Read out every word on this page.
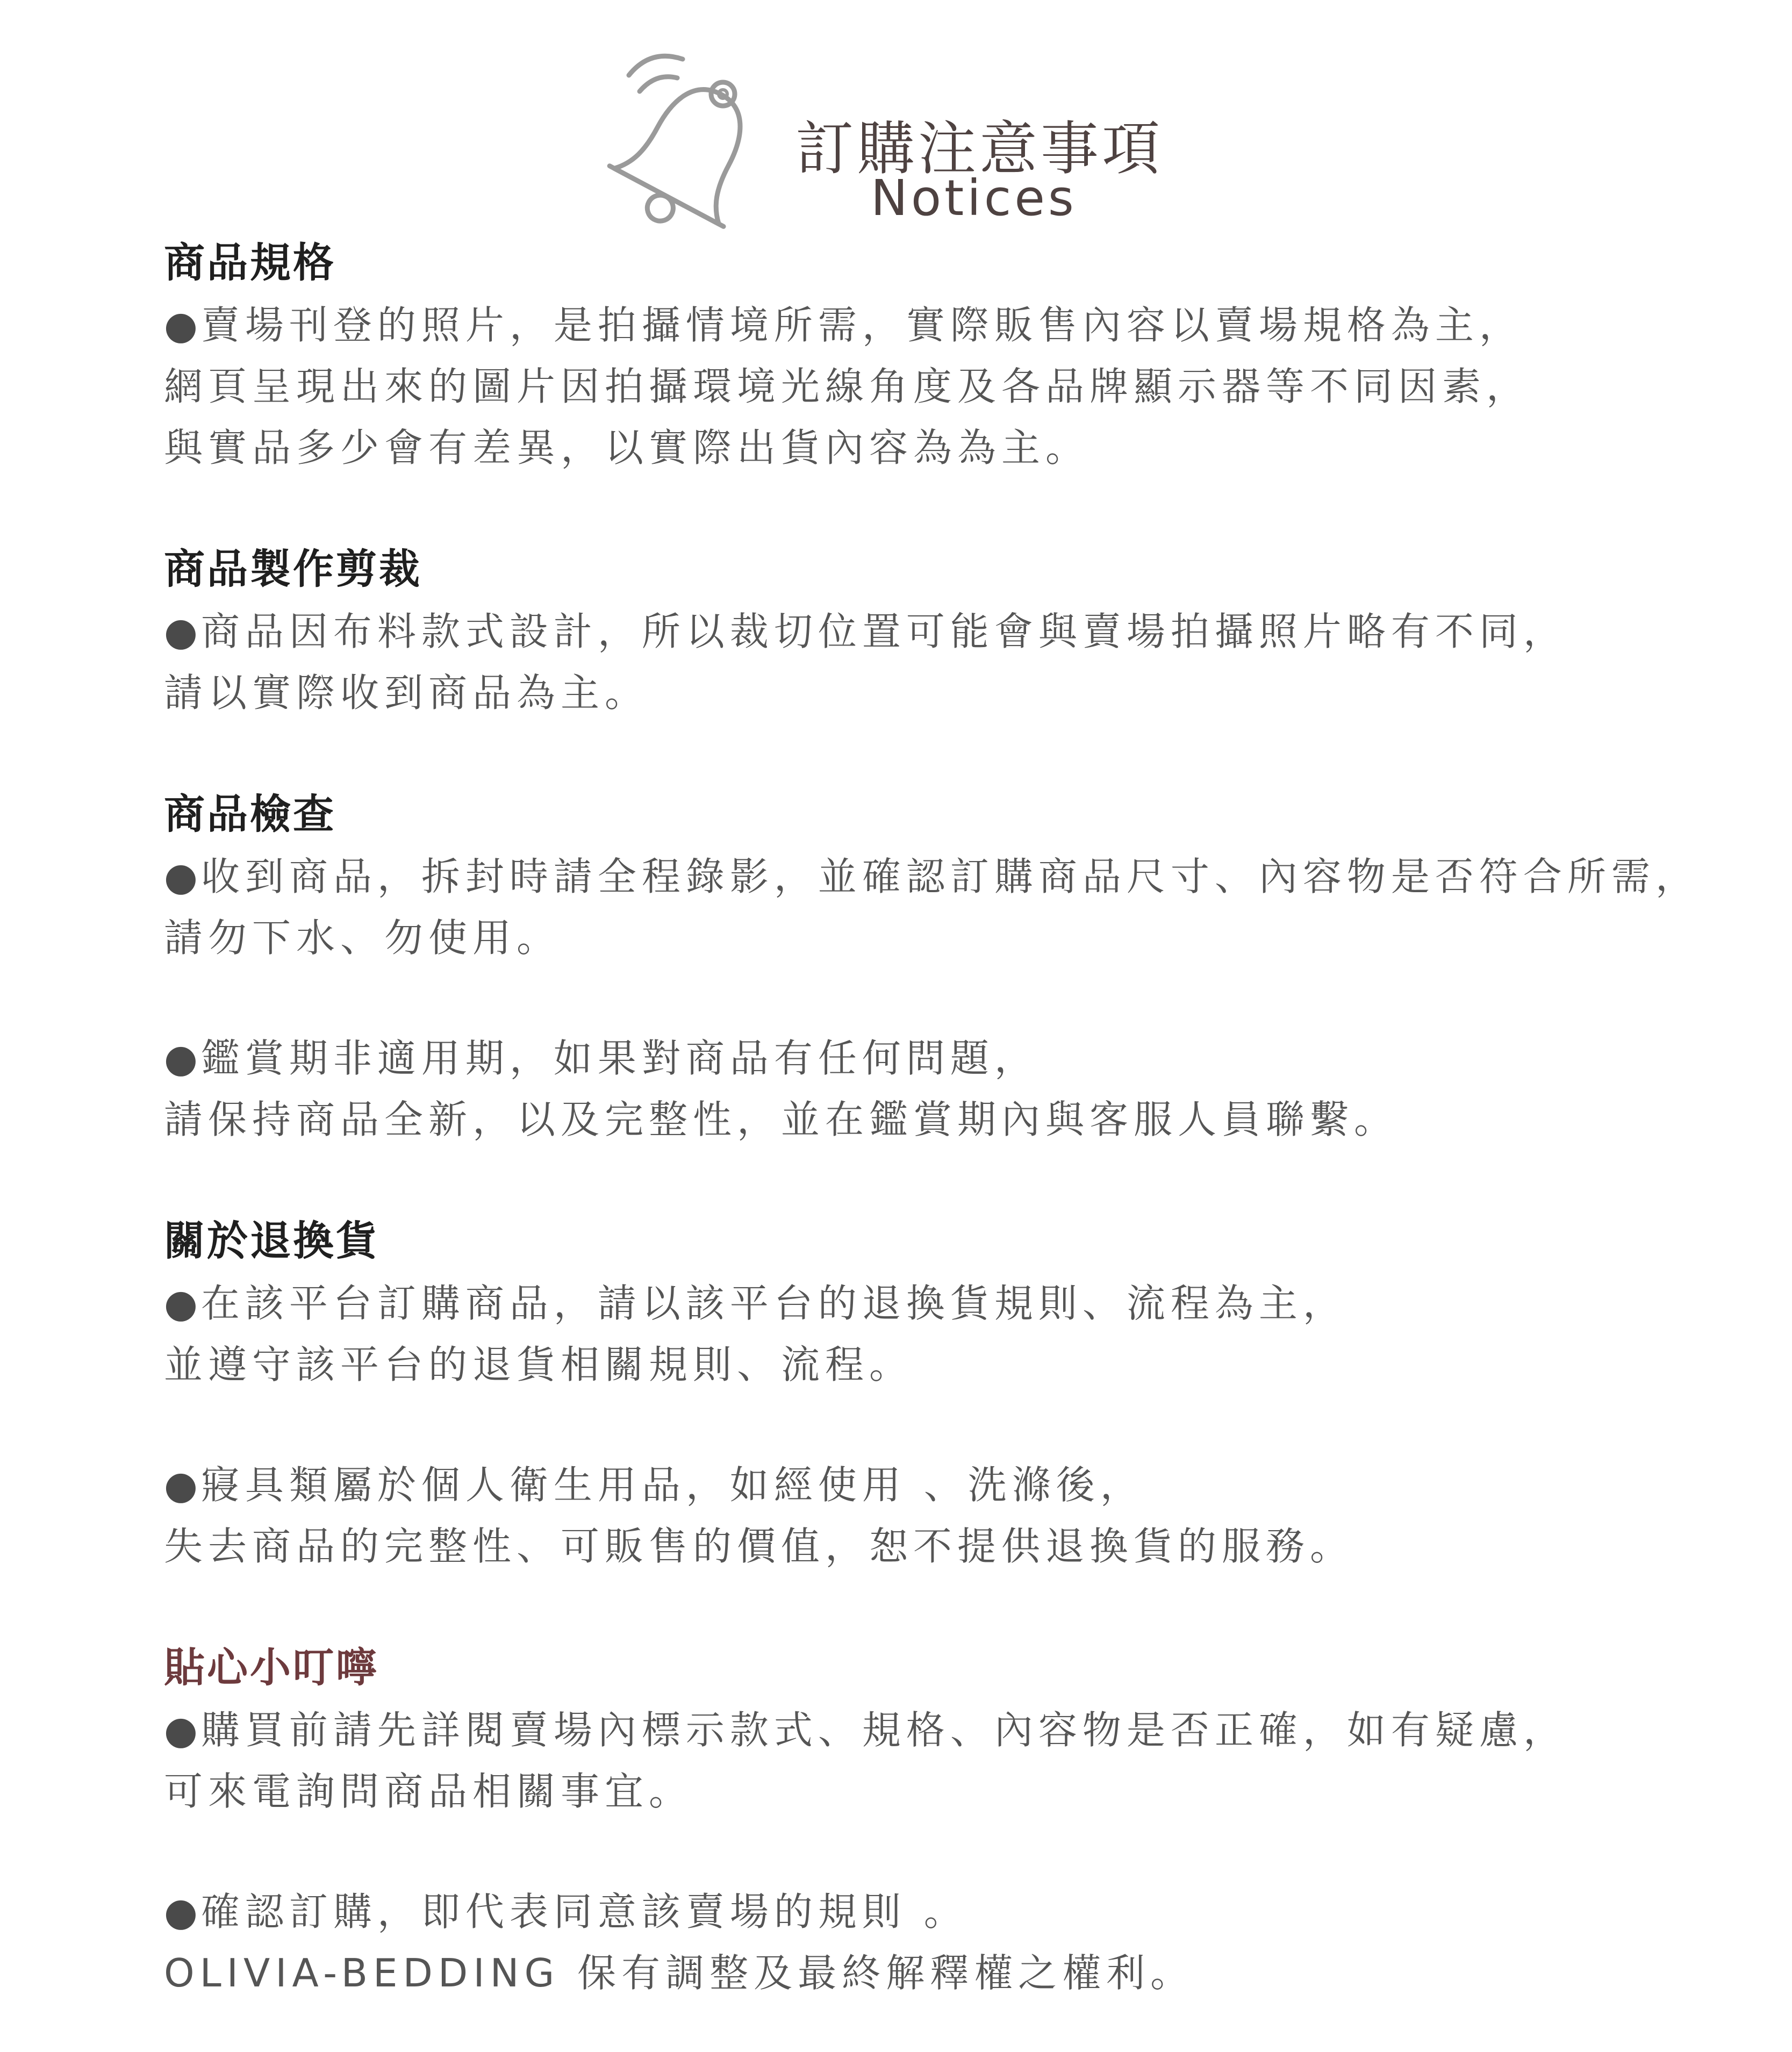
訂購注意事項
Notices
商品規格
●賣場刊登的照片，是拍攝情境所需，實際販售內容以賣場規格為主，
網頁呈現出來的圖片因拍攝環境光線角度及各品牌顯示器等不同因素，
與實品多少會有差異，以實際出貨內容為為主。
商品製作剪裁
●商品因布料款式設計，所以裁切位置可能會與賣場拍攝照片略有不同，
請以實際收到商品為主。
商品檢查
●收到商品，拆封時請全程錄影，並確認訂購商品尺寸、內容物是否符合所需，
請勿下水、勿使用。
●鑑賞期非適用期，如果對商品有任何問題，
請保持商品全新，以及完整性，並在鑑賞期內與客服人員聯繫。
關於退換貨
●在該平台訂購商品，請以該平台的退換貨規則、流程為主，
並遵守該平台的退貨相關規則、流程。
●寢具類屬於個人衛生用品，如經使用 、洗滌後，
失去商品的完整性、可販售的價值，恕不提供退換貨的服務。
貼心小叮嚀
●購買前請先詳閱賣場內標示款式、規格、內容物是否正確，如有疑慮，
可來電詢問商品相關事宜。
●確認訂購，即代表同意該賣場的規則 。
OLIVIA-BEDDING 保有調整及最終解釋權之權利。
